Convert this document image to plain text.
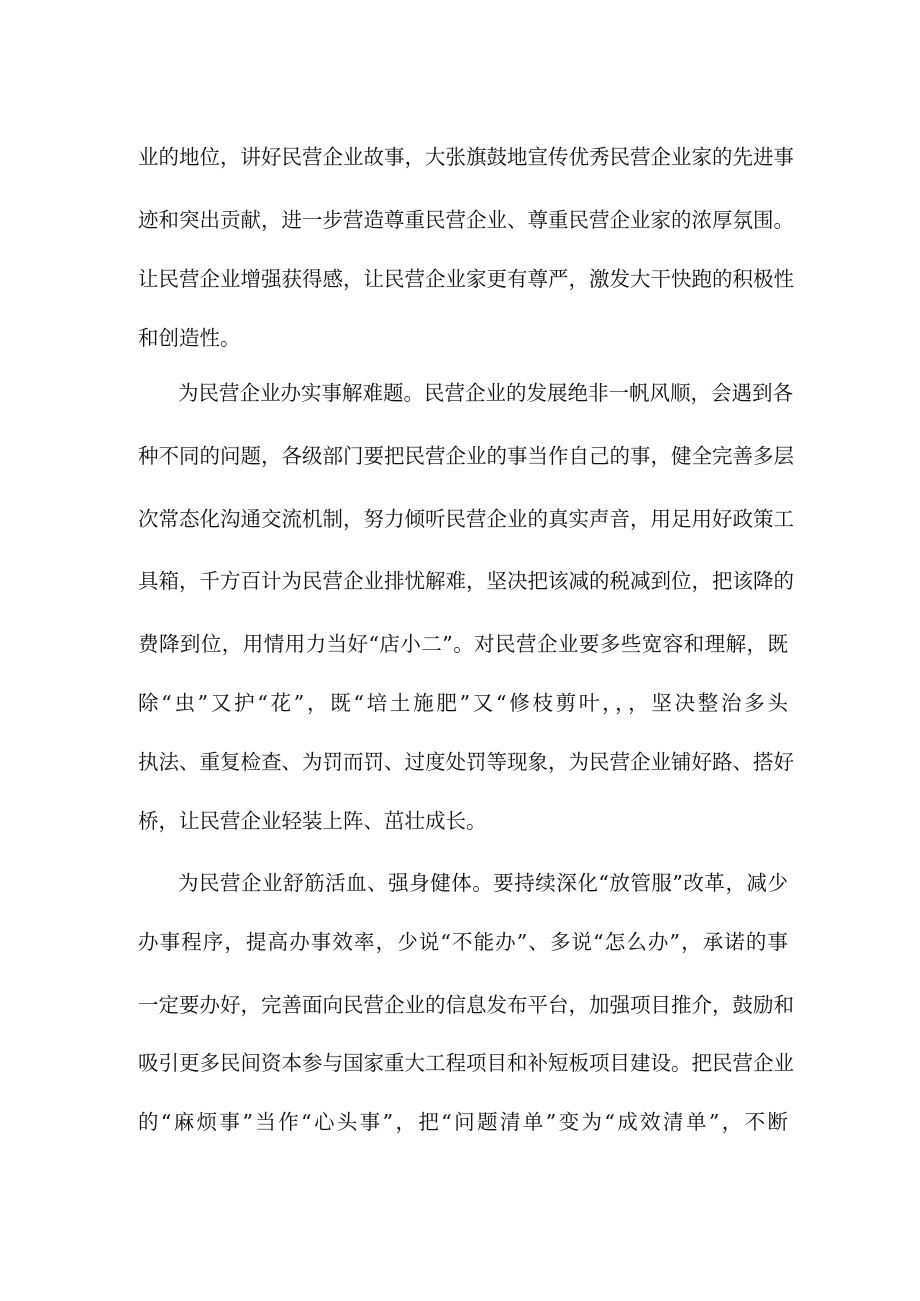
业的地位，讲好民营企业故事，大张旗鼓地宣传优秀民营企业家的先进事
迹和突出贡献，进一步营造尊重民营企业、尊重民营企业家的浓厚氛围。
让民营企业增强获得感，让民营企业家更有尊严，激发大干快跑的积极性
和创造性。
为民营企业办实事解难题。民营企业的发展绝非一帆风顺，会遇到各
种不同的问题，各级部门要把民营企业的事当作自己的事，健全完善多层
次常态化沟通交流机制，努力倾听民营企业的真实声音，用足用好政策工
具箱，千方百计为民营企业排忧解难，坚决把该减的税减到位，把该降的
费降到位，用情用力当好“店小二”。对民营企业要多些宽容和理解，既
除“虫”又护“花”，既“培土施肥”又“修枝剪叶，，，坚决整治多头
执法、重复检查、为罚而罚、过度处罚等现象，为民营企业铺好路、搭好
桥，让民营企业轻装上阵、茁壮成长。
为民营企业舒筋活血、强身健体。要持续深化“放管服”改革，减少
办事程序，提高办事效率，少说“不能办”、多说“怎么办”，承诺的事
一定要办好，完善面向民营企业的信息发布平台，加强项目推介，鼓励和
吸引更多民间资本参与国家重大工程项目和补短板项目建设。把民营企业
的“麻烦事”当作“心头事”，把“问题清单”变为“成效清单”，不断
